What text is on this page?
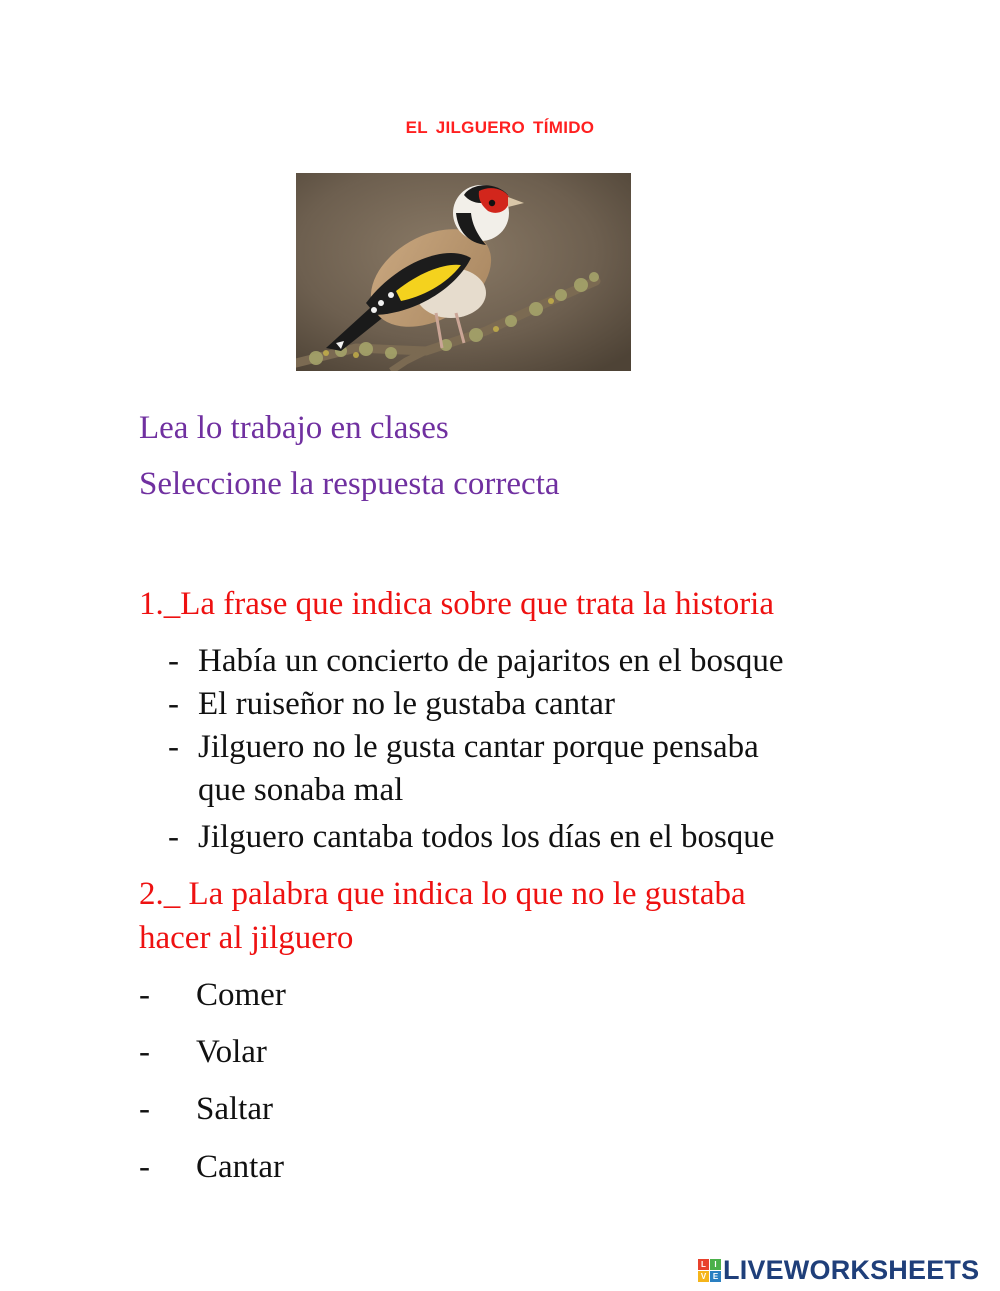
EL JILGUERO TÍMIDO
Lea lo trabajo en clases
Seleccione la respuesta correcta
1._La frase que indica sobre que trata la historia
- Había un concierto de pajaritos en el bosque
- El ruiseñor no le gustaba cantar
- Jilguero no le gusta cantar porque pensaba
que sonaba mal
- Jilguero cantaba todos los días en el bosque
2._ La palabra que indica lo que no le gustaba
hacer al jilguero
- Comer
- Volar
- Saltar
- Cantar
L	I
V E LIVEWORKSHEETS
